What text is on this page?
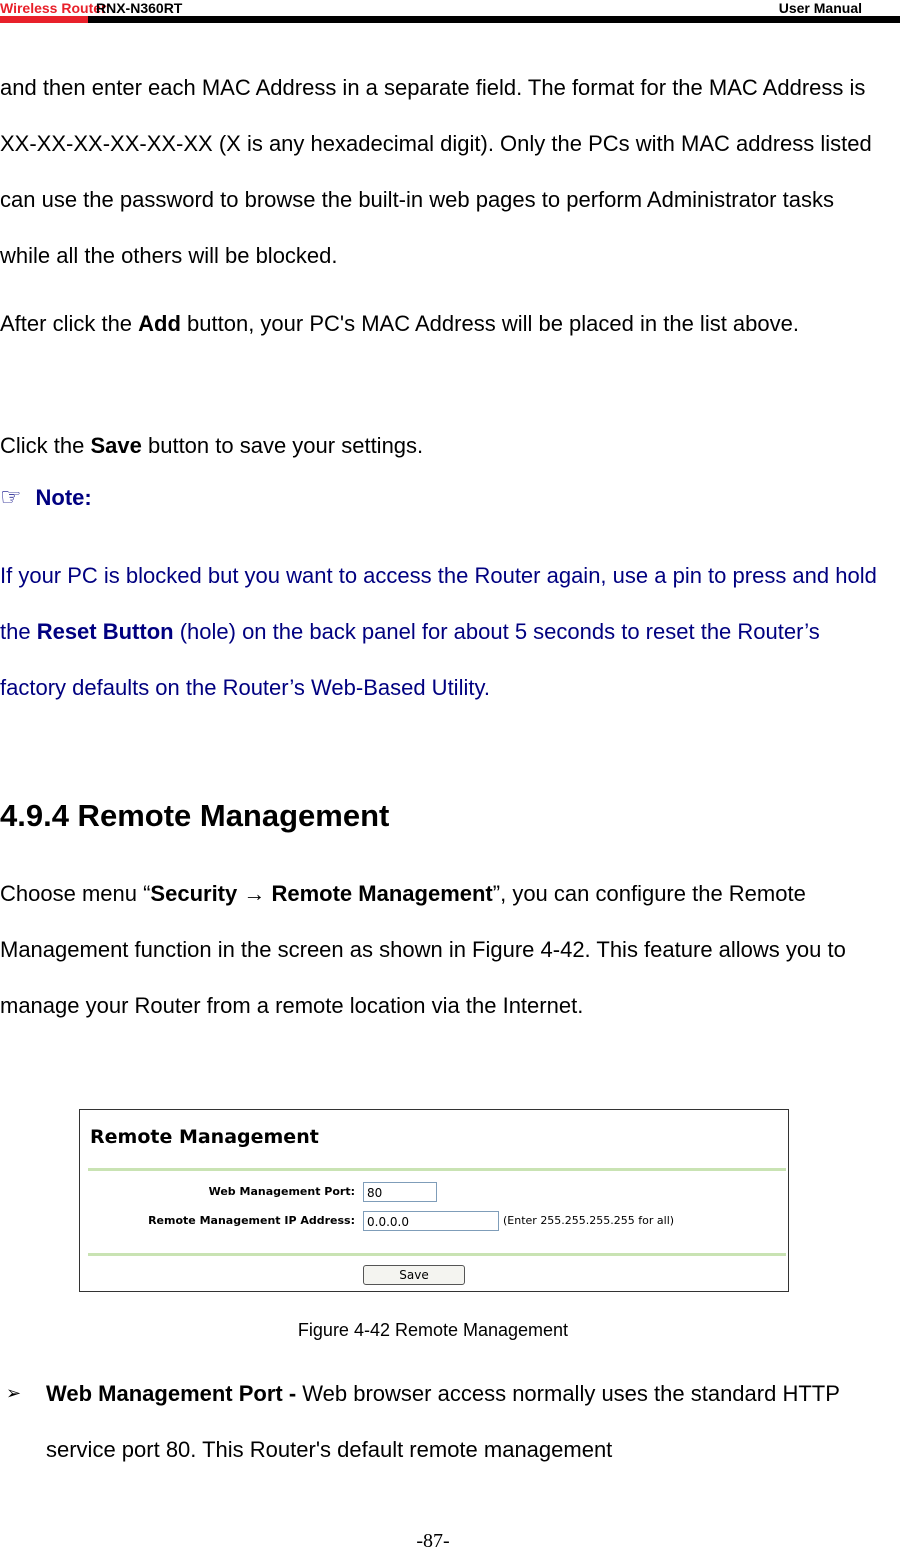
Wireless Router
RNX-N360RT	User Manual

and then enter each MAC Address in a separate field. The format for the MAC Address is XX-XX-XX-XX-XX-XX (X is any hexadecimal digit). Only the PCs with MAC address listed can use the password to browse the built-in web pages to perform Administrator tasks while all the others will be blocked.

After click the Add button, your PC's MAC Address will be placed in the list above.

Click the Save button to save your settings.

☞ Note:

If your PC is blocked but you want to access the Router again, use a pin to press and hold the Reset Button (hole) on the back panel for about 5 seconds to reset the Router’s factory defaults on the Router’s Web-Based Utility.

4.9.4 Remote Management

Choose menu “Security → Remote Management”, you can configure the Remote Management function in the screen as shown in Figure 4-42. This feature allows you to manage your Router from a remote location via the Internet.

Remote Management
Web Management Port:	80
Remote Management IP Address:	0.0.0.0	(Enter 255.255.255.255 for all)
Save
Figure 4-42 Remote Management
➢ Web Management Port - Web browser access normally uses the standard HTTP service port 80. This Router's default remote management

-87-
